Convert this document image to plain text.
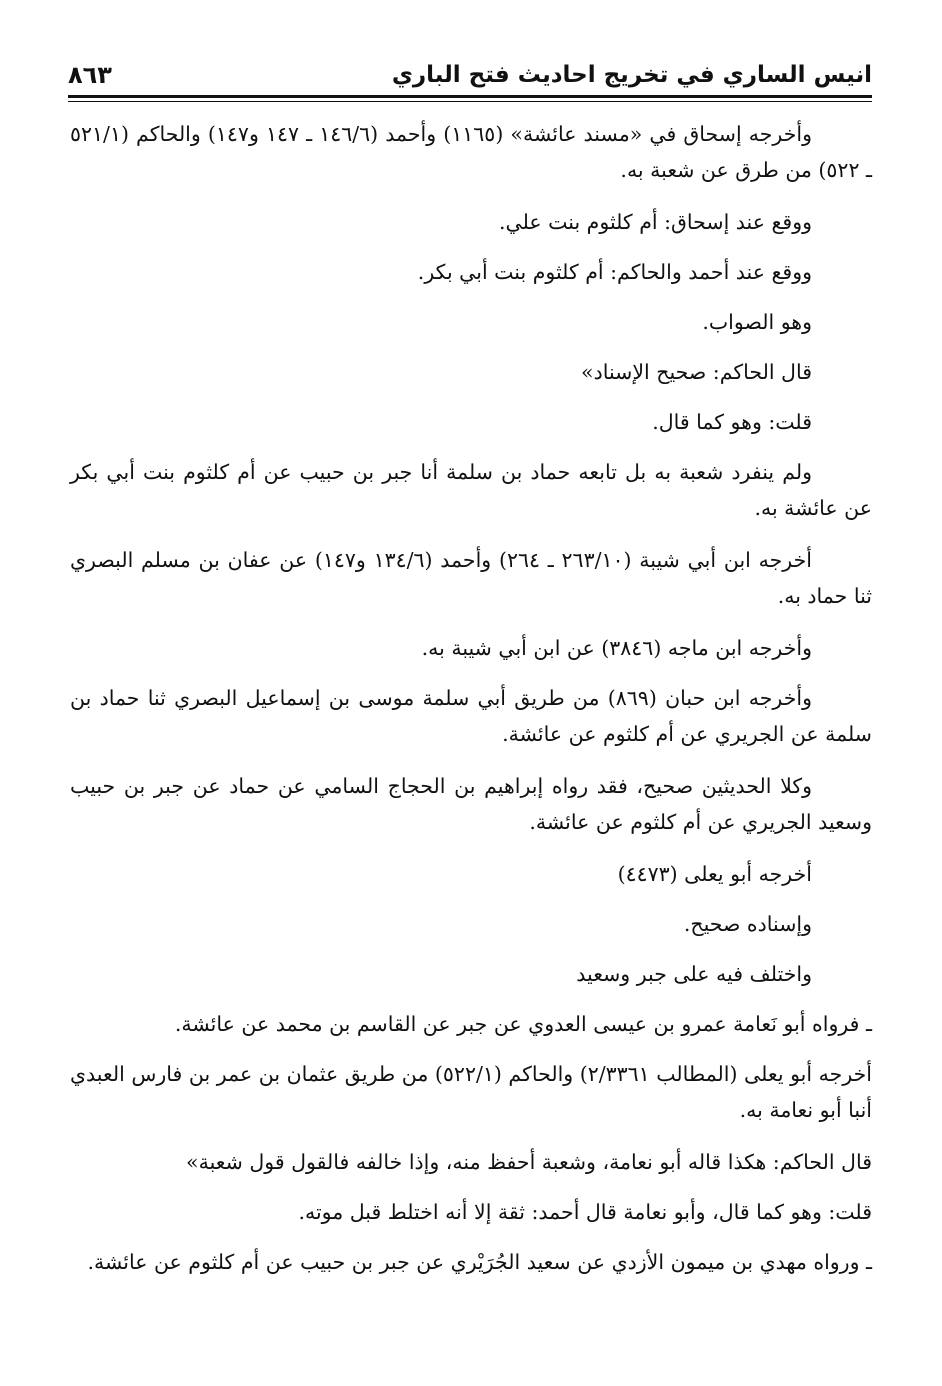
انيس الساري في تخريج احاديث فتح الباري
٨٦٣

وأخرجه إسحاق في «مسند عائشة» (١١٦٥) وأحمد (١٤٦/٦ ـ ١٤٧ و١٤٧) والحاكم (٥٢١/١ ـ ٥٢٢) من طرق عن شعبة به.

ووقع عند إسحاق: أم كلثوم بنت علي.

ووقع عند أحمد والحاكم: أم كلثوم بنت أبي بكر.

وهو الصواب.

قال الحاكم: صحيح الإسناد»

قلت: وهو كما قال.

ولم ينفرد شعبة به بل تابعه حماد بن سلمة أنا جبر بن حبيب عن أم كلثوم بنت أبي بكر عن عائشة به.

أخرجه ابن أبي شيبة (٢٦٣/١٠ ـ ٢٦٤) وأحمد (١٣٤/٦ و١٤٧) عن عفان بن مسلم البصري ثنا حماد به.

وأخرجه ابن ماجه (٣٨٤٦) عن ابن أبي شيبة به.

وأخرجه ابن حبان (٨٦٩) من طريق أبي سلمة موسى بن إسماعيل البصري ثنا حماد بن سلمة عن الجريري عن أم كلثوم عن عائشة.

وكلا الحديثين صحيح، فقد رواه إبراهيم بن الحجاج السامي عن حماد عن جبر بن حبيب وسعيد الجريري عن أم كلثوم عن عائشة.

أخرجه أبو يعلى (٤٤٧٣)

وإسناده صحيح.

واختلف فيه على جبر وسعيد

ـ فرواه أبو نَعامة عمرو بن عيسى العدوي عن جبر عن القاسم بن محمد عن عائشة.

أخرجه أبو يعلى (المطالب ٢/٣٣٦١) والحاكم (٥٢٢/١) من طريق عثمان بن عمر بن فارس العبدي أنبا أبو نعامة به.

قال الحاكم: هكذا قاله أبو نعامة، وشعبة أحفظ منه، وإذا خالفه فالقول قول شعبة»

قلت: وهو كما قال، وأبو نعامة قال أحمد: ثقة إلا أنه اختلط قبل موته.

ـ ورواه مهدي بن ميمون الأزدي عن سعيد الجُرَيْري عن جبر بن حبيب عن أم كلثوم عن عائشة.
